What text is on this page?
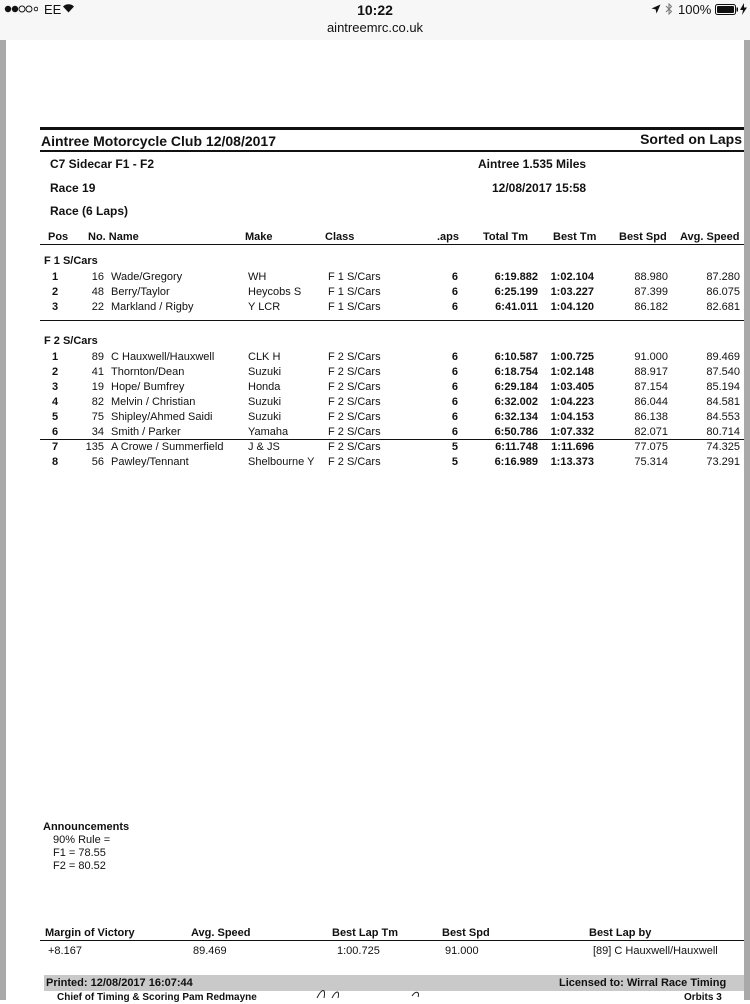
EE	10:22
aintreemrc.co.uk
100%
Aintree Motorcycle Club 12/08/2017	Sorted on Laps
C7 Sidecar F1 - F2	Aintree 1.535 Miles
Race 19	12/08/2017 15:58
Race (6 Laps)
Pos No. Name	Make	Class	.aps Total Tm Best Tm Best Spd Avg. Speed
F 1 S/Cars
1	16 Wade/Gregory	WH	F 1 S/Cars	6	6:19.882	1:02.104	88.980	87.280
2	48 Berry/Taylor	Heycobs S	F 1 S/Cars	6	6:25.199	1:03.227	87.399	86.075
3	22 Markland / Rigby	Y LCR	F 1 S/Cars	6	6:41.011	1:04.120	86.182	82.681
F 2 S/Cars
1	89 C Hauxwell/Hauxwell	CLK H	F 2 S/Cars	6	6:10.587	1:00.725	91.000	89.469
2	41 Thornton/Dean	Suzuki	F 2 S/Cars	6	6:18.754	1:02.148	88.917	87.540
3	19 Hope/ Bumfrey	Honda	F 2 S/Cars	6	6:29.184	1:03.405	87.154	85.194
4	82 Melvin / Christian	Suzuki	F 2 S/Cars	6	6:32.002	1:04.223	86.044	84.581
5	75 Shipley/Ahmed Saidi	Suzuki	F 2 S/Cars	6	6:32.134	1:04.153	86.138	84.553
6	34 Smith / Parker	Yamaha	F 2 S/Cars	6	6:50.786	1:07.332	82.071	80.714
7	135 A Crowe / Summerfield	J & JS	F 2 S/Cars	5	6:11.748	1:11.696	77.075	74.325
8	56 Pawley/Tennant	Shelbourne Y	F 2 S/Cars	5	6:16.989	1:13.373	75.314	73.291
Announcements
90% Rule =
F1 = 78.55
F2 = 80.52
Margin of Victory	Avg. Speed	Best Lap Tm	Best Spd	Best Lap by
+8.167	89.469	1:00.725	91.000	[89] C Hauxwell/Hauxwell
Printed: 12/08/2017 16:07:44	Licensed to: Wirral Race Timing
Chief of Timing & Scoring Pam Redmayne	Orbits 3
